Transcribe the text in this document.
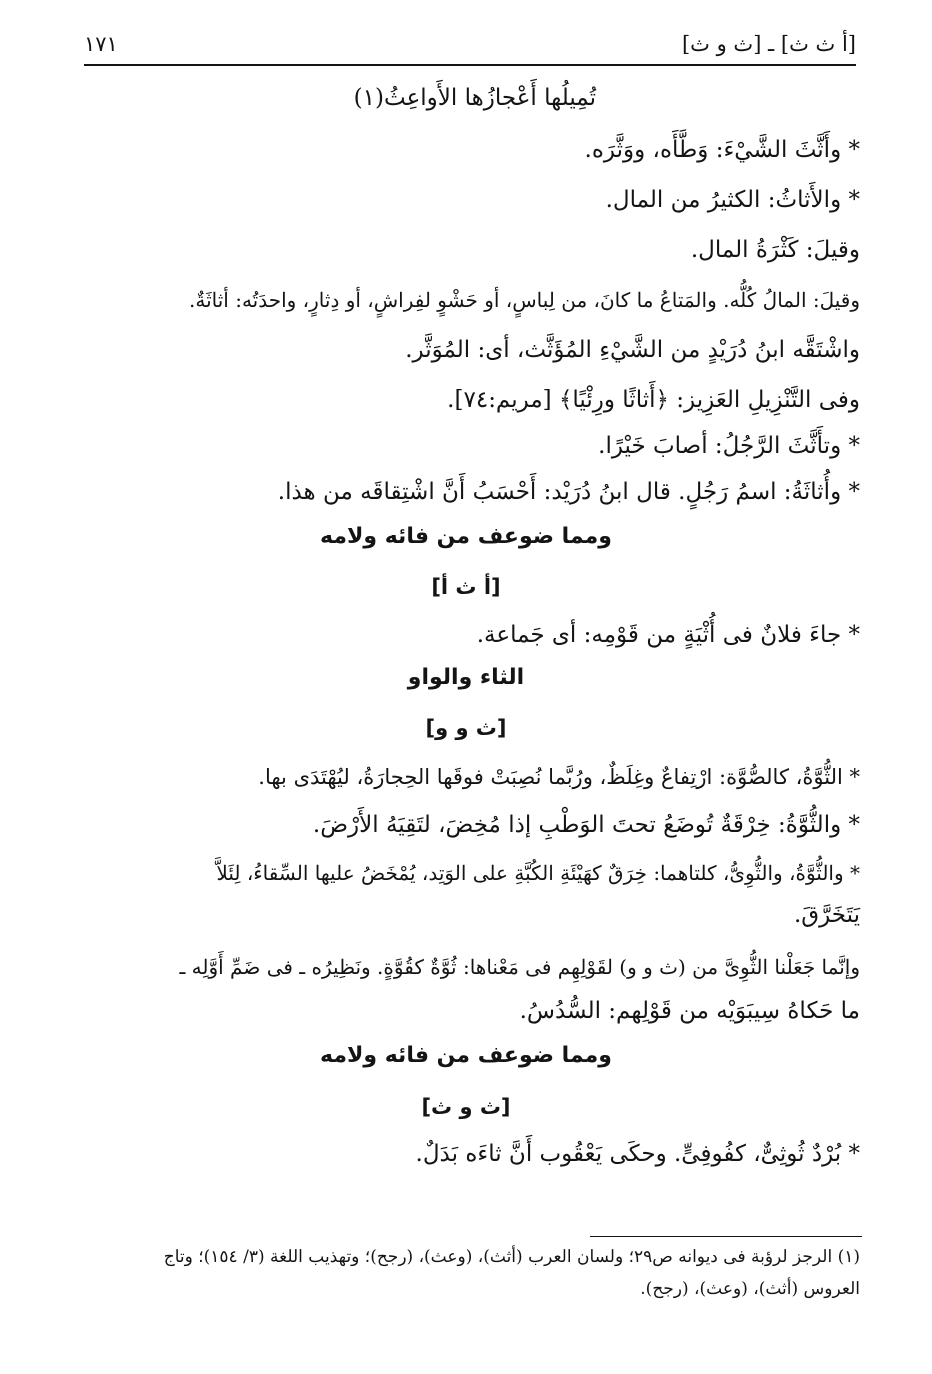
[أ ث ث] ـ [ث و ث]
١٧١
تُمِيلُها أَعْجازُها الأَواعِثُ(١)
* وأَثَّثَ الشَّيْءَ: وَطَّأَه، ووَثَّرَه.
* والأَثاثُ: الكثيرُ من المال.
وقيلَ: كَثْرَةُ المال.
وقيلَ: المالُ كُلُّه. والمَتاعُ ما كانَ، من لِباسٍ، أو حَشْوٍ لفِراشٍ، أو دِثارٍ، واحدَتُه: أثاثَةٌ.
واشْتَقَّه ابنُ دُرَيْدٍ من الشَّيْءِ المُؤَثَّث، أى: المُوَثَّر.
وفى التَّنْزِيلِ العَزِيز: ﴿أَثاثًا ورِئْيًا﴾ [مريم:٧٤].
* وتأَثَّثَ الرَّجُلُ: أصابَ خَيْرًا.
* وأُثاثَةُ: اسمُ رَجُلٍ. قال ابنُ دُرَيْد: أَحْسَبُ أَنَّ اشْتِقاقَه من هذا.
ومما ضوعف من فائه ولامه
[أ ث أ]
* جاءَ فلانٌ فى أُثْيَةٍ من قَوْمِه: أى جَماعة.
الثاء والواو
[ث و و]
* الثُّوَّةُ، كالصُّوَّة: ارْتِفاعٌ وغِلَظٌ، ورُبَّما نُصِبَتْ فوقَها الحِجارَةُ، ليُهْتَدَى بها.
* والثُّوَّةُ: خِرْقَةٌ تُوضَعُ تحتَ الوَطْبِ إذا مُخِضَ، لتَقِيَهُ الأَرْضَ.
* والثُّوَّةُ، والثُّوِىُّ، كلتاهما: خِرَقٌ كهَيْئَةِ الكُبَّةِ على الوَتِد، يُمْخَضُ عليها السِّقاءُ، لِئَلاَّ
يَتَخَرَّقَ.
وإنَّما جَعَلْنا الثُّوِىَّ من (ث و و) لقَوْلِهِم فى مَعْناها: ثُوَّةٌ كقُوَّةٍ. ونَظِيرُه ـ فى ضَمِّ أَوَّلِه ـ
ما حَكاهُ سِيبَوَيْه من قَوْلِهم: السُّدُسُ.
ومما ضوعف من فائه ولامه
[ث و ث]
* بُرْدٌ ثُوثِىٌّ، كفُوفِىٍّ. وحكَى يَعْقُوب أَنَّ ثاءَه بَدَلٌ.
(١) الرجز لرؤبة فى ديوانه ص٢٩؛ ولسان العرب (أثث)، (وعث)، (رجح)؛ وتهذيب اللغة (٣/ ١٥٤)؛ وتاج
العروس (أثث)، (وعث)، (رجح).
